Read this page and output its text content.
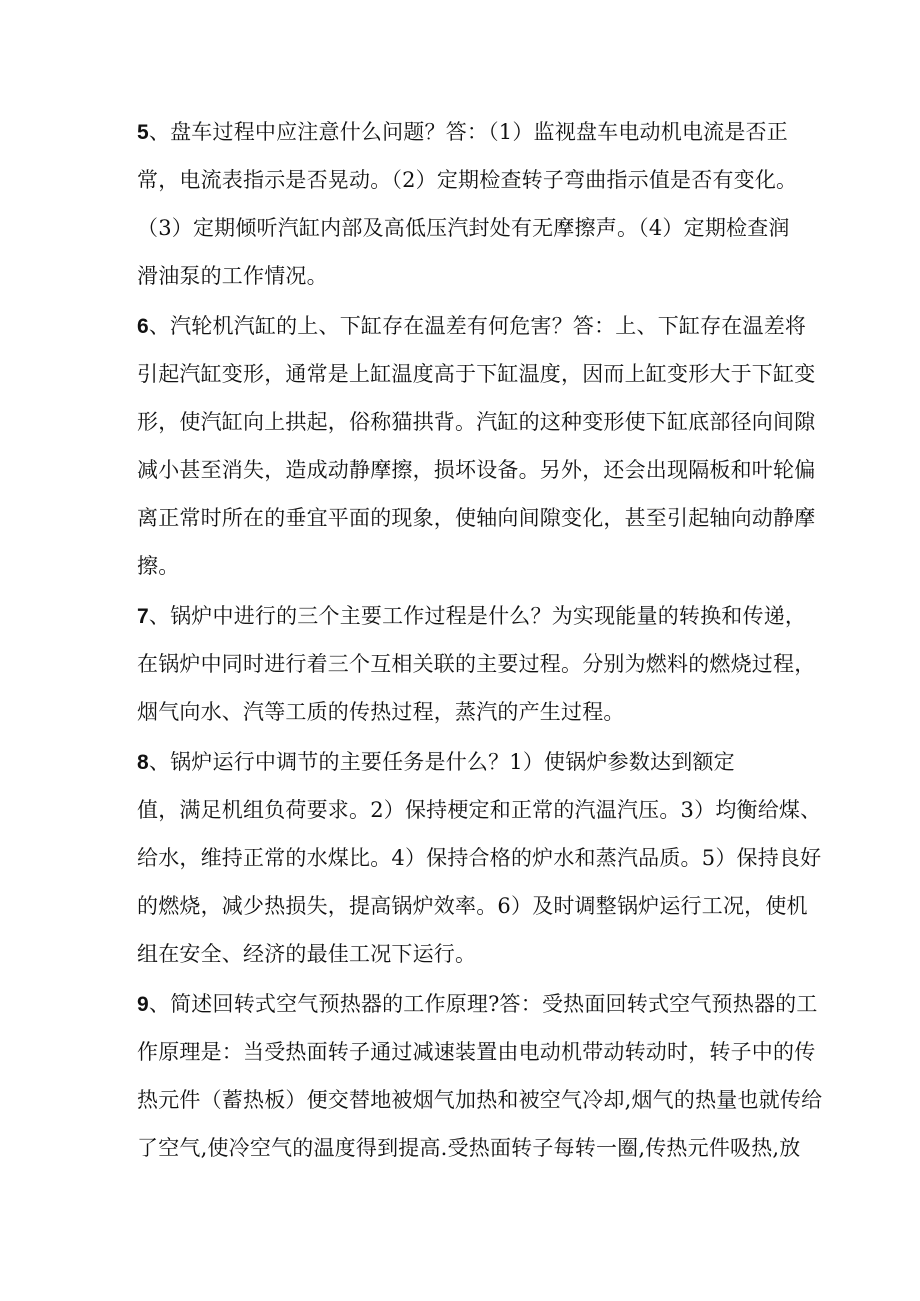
5、盘车过程中应注意什么问题？答：（1）监视盘车电动机电流是否正
常，电流表指示是否晃动。（2）定期检查转子弯曲指示值是否有变化。
（3）定期倾听汽缸内部及高低压汽封处有无摩擦声。（4）定期检查润
滑油泵的工作情况。
6、汽轮机汽缸的上、下缸存在温差有何危害？答：上、下缸存在温差将
引起汽缸变形，通常是上缸温度高于下缸温度，因而上缸变形大于下缸变
形，使汽缸向上拱起，俗称猫拱背。汽缸的这种变形使下缸底部径向间隙
减小甚至消失，造成动静摩擦，损坏设备。另外，还会出现隔板和叶轮偏
离正常时所在的垂宜平面的现象，使轴向间隙变化，甚至引起轴向动静摩
擦。
7、锅炉中进行的三个主要工作过程是什么？为实现能量的转换和传递，
在锅炉中同时进行着三个互相关联的主要过程。分别为燃料的燃烧过程，
烟气向水、汽等工质的传热过程，蒸汽的产生过程。
8、锅炉运行中调节的主要任务是什么？1）使锅炉参数达到额定
值，满足机组负荷要求。2）保持梗定和正常的汽温汽压。3）均衡给煤、
给水，维持正常的水煤比。4）保持合格的炉水和蒸汽品质。5）保持良好
的燃烧，减少热损失，提高锅炉效率。6）及时调整锅炉运行工况，使机
组在安全、经济的最佳工况下运行。
9、简述回转式空气预热器的工作原理?答：受热面回转式空气预热器的工
作原理是：当受热面转子通过减速装置由电动机带动转动时，转子中的传
热元件（蓄热板）便交替地被烟气加热和被空气冷却,烟气的热量也就传给
了空气,使冷空气的温度得到提高.受热面转子每转一圈,传热元件吸热,放
